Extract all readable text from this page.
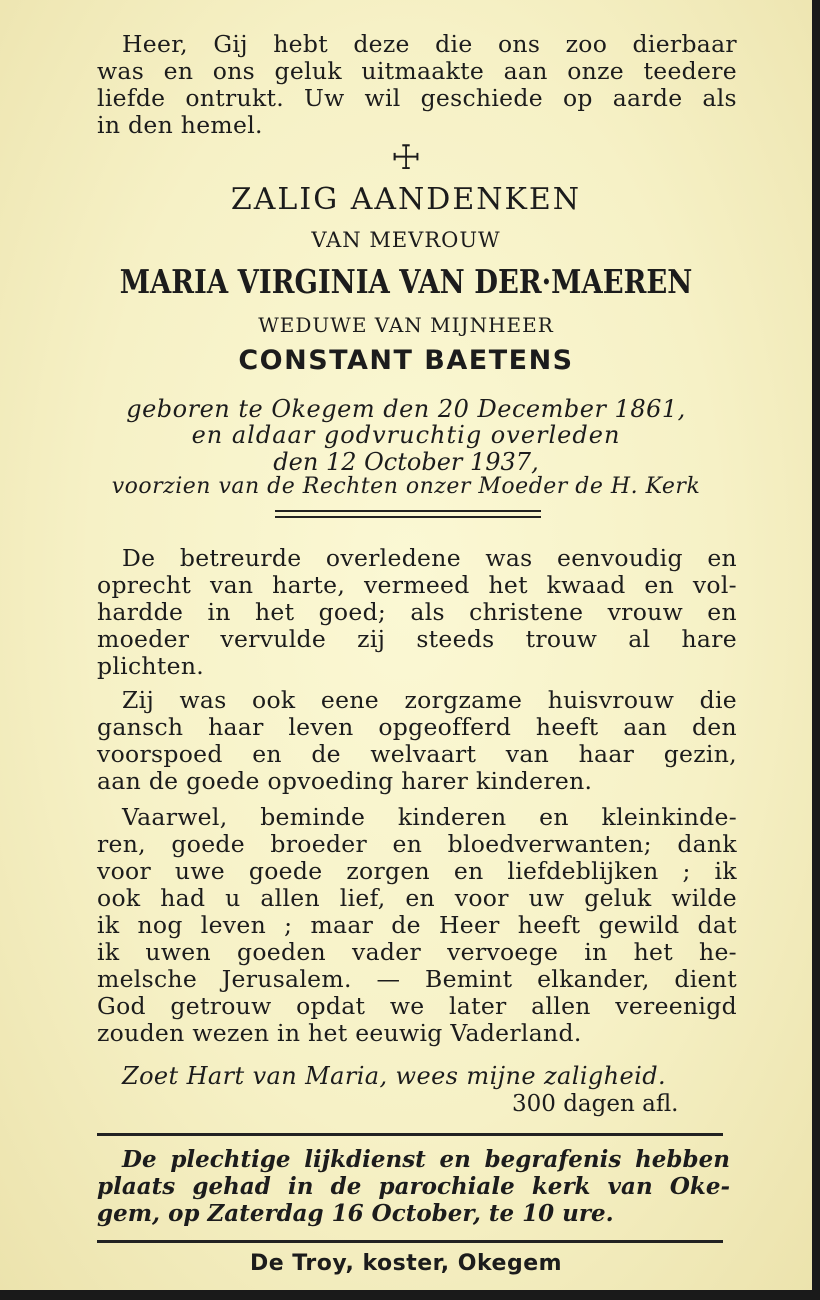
Heer, Gij hebt deze die ons zoo dierbaar
was en ons geluk uitmaakte aan onze teedere
liefde ontrukt. Uw wil geschiede op aarde als
in den hemel.
☩
ZALIG AANDENKEN
VAN MEVROUW
MARIA VIRGINIA VAN DER·MAEREN
WEDUWE VAN MIJNHEER
CONSTANT BAETENS
geboren te Okegem den 20 December 1861,
en aldaar godvruchtig overleden
den 12 October 1937,
voorzien van de Rechten onzer Moeder de H. Kerk
De betreurde overledene was eenvoudig en
oprecht van harte, vermeed het kwaad en vol-
hardde in het goed; als christene vrouw en
moeder vervulde zij steeds trouw al hare
plichten.
Zij was ook eene zorgzame huisvrouw die
gansch haar leven opgeofferd heeft aan den
voorspoed en de welvaart van haar gezin,
aan de goede opvoeding harer kinderen.
Vaarwel, beminde kinderen en kleinkinde-
ren, goede broeder en bloedverwanten; dank
voor uwe goede zorgen en liefdeblijken ; ik
ook had u allen lief, en voor uw geluk wilde
ik nog leven ; maar de Heer heeft gewild dat
ik uwen goeden vader vervoege in het he-
melsche Jerusalem. — Bemint elkander, dient
God getrouw opdat we later allen vereenigd
zouden wezen in het eeuwig Vaderland.
Zoet Hart van Maria, wees mijne zaligheid.
300 dagen afl.
De plechtige lijkdienst en begrafenis hebben
plaats gehad in de parochiale kerk van Oke-
gem, op Zaterdag 16 October, te 10 ure.
De Troy, koster, Okegem
